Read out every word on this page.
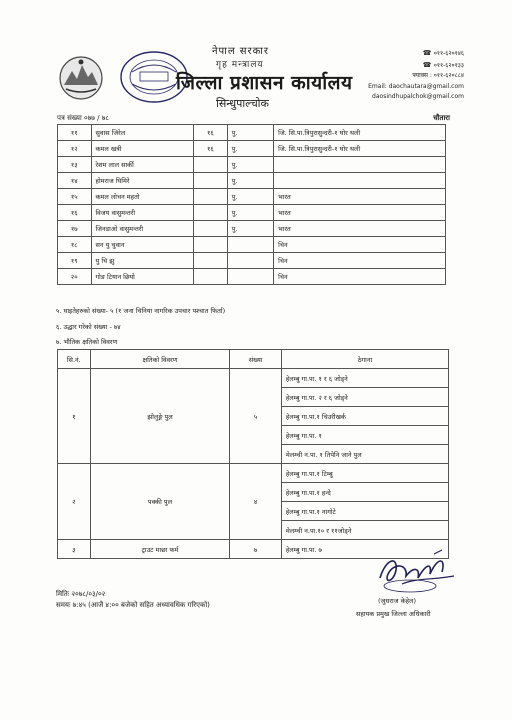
नेपाल सरकार
गृह मन्त्रालय
जिल्ला प्रशासन कार्यालय
सिन्धुपाल्चोक
☎ ०११-६२०१४६
☎ ०११-६२०१३३
फ्याक्स : ०११-६२०८८४
Email: daochautara@gmail.com
daosindhupalchok@gmail.com
पत्र संख्या ०७७ / ७८	चौतारा
११	सुवास जिरेल	१६	पु.	जि. सि.पा.त्रिपुरासुन्दरी-१ घोर थली
१२	कमल खत्री	१६	पु.	जि. सि.पा.त्रिपुरासुन्दरी-१ घोर थली
१३	रेशम लाल सार्की		पु.	
१४	होमराज घिमिरे		पु.	
१५	कमल लोचन महतो		पु.	भारत
१६	विजय वासुमन्तरी		पु.	भारत
१७	जिनडाओ वासुमन्तरी		पु.	भारत
१८	सन यु चुवान			चिन
१९	यु चि झु			चिन
२०	गोङ टियान छियो			चिन
५. घाइतेहरुको संख्या- ५ (१ जना चिनिया नागरिक उपचार पश्चात फिर्ता)
६. उद्धार गरेको संख्या - ७४
७. भौतिक क्षतिको विवरण
सि.नं.	क्षतिको विवरण	संख्या	ठेगाना
१	झोलुङ्गे पुल	५	हेलम्बु गा.पा. १ र ६ जोड्ने
			हेलम्बु गा.पा. २ र ६ जोड्ने
			हेलम्बु गा.पा.१ चिउरीखर्क
			हेलम्बु गा.पा. १
			मेलम्ची न.पा. १ तिपेनि जाने पुल
२	पक्की पुल	४	हेलम्बु गा.पा.१ टिम्बु
			हेलम्बु गा.पा.१ हन्दे
			हेलम्बु गा.पा.१ नागोटे
			मेलम्ची न.पा.१० र ११जोड्ने
३	ट्राउट माछा फर्म	७	हेलम्बु गा.पा. ७
मितिः २०७८/०३/०२
समयः ७:४५ (आजै ४:०० बजेको सहित अध्यावधिक गरिएको)	(जुधराज केहेल)
सहायक प्रमुख जिल्ला अधिकारी
